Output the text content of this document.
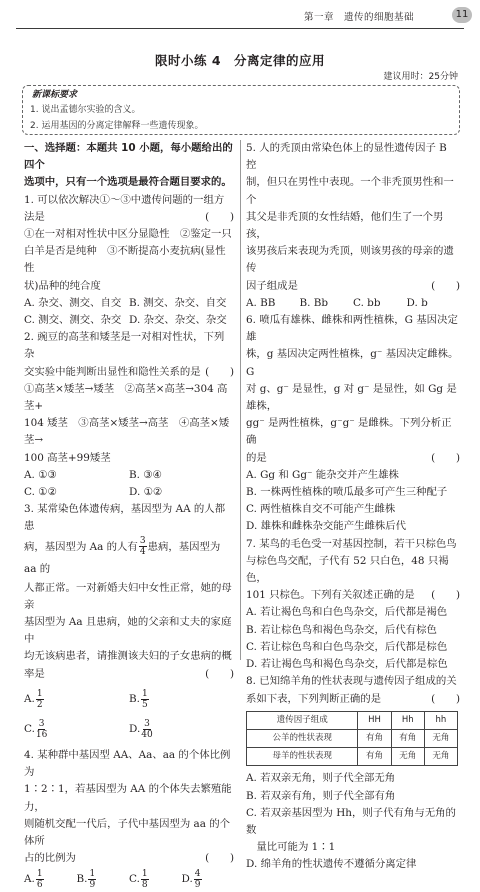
第一章　遗传的细胞基础	11
限时小练 4　分离定律的应用
建议用时：25分钟
新课标要求
1. 说出孟德尔实验的含义。
2. 运用基因的分离定律解释一些遗传现象。

一、选择题：本题共 10 小题，每小题给出的四个

选项中，只有一个选项是最符合题目要求的。

1. 可以依次解决①～③中遗传问题的一组方

法是	(　　)

①在一对相对性状中区分显隐性　②鉴定一只

白羊是否是纯种　③不断提高小麦抗病(显性性

状)品种的纯合度

A. 杂交、测交、自交 B. 测交、杂交、自交
C. 测交、测交、杂交 D. 杂交、杂交、杂交

2. 豌豆的高茎和矮茎是一对相对性状，下列杂

交实验中能判断出显性和隐性关系的是 (　　)

①高茎×矮茎→矮茎　②高茎×高茎→304 高茎+

104 矮茎　③高茎×矮茎→高茎　④高茎×矮茎→

100 高茎+99矮茎

A. ①③	B. ③④
C. ①②	D. ①②

3. 某常染色体遗传病，基因型为 AA 的人都患

病，基因型为 Aa 的人有 $\frac{3}{4}$ 患病，基因型为 aa 的

人都正常。一对新婚夫妇中女性正常，她的母亲

基因型为 Aa 且患病，她的父亲和丈夫的家庭中

均无该病患者，请推测该夫妇的子女患病的概

率是	(　　)

A. $\frac{1}{2}$	B. $\frac{1}{5}$
C. $\frac{3}{16}$	D. $\frac{3}{40}$

4. 某种群中基因型 AA、Aa、aa 的个体比例为

1∶2∶1，若基因型为 AA 的个体失去繁殖能力，

则随机交配一代后，子代中基因型为 aa 的个体所

占的比例为	(　　)

A. $\frac{1}{6}$	B. $\frac{1}{9}$	C. $\frac{1}{8}$	D. $\frac{4}{9}$

5. 人的秃顶由常染色体上的显性遗传因子 B 控

制，但只在男性中表现。一个非秃顶男性和一个

其父是非秃顶的女性结婚，他们生了一个男孩，

该男孩后来表现为秃顶，则该男孩的母亲的遗传

因子组成是	(　　)

A. BB	B. Bb	C. bb	D. b

6. 喷瓜有雄株、雌株和两性植株，G 基因决定雄

株，g 基因决定两性植株，g⁻ 基因决定雌株。G

对 g、g⁻ 是显性，g 对 g⁻ 是显性，如 Gg 是雄株，

gg⁻ 是两性植株，g⁻g⁻ 是雌株。下列分析正确

的是	(　　)

A. Gg 和 Gg⁻ 能杂交并产生雄株

B. 一株两性植株的喷瓜最多可产生三种配子

C. 两性植株自交不可能产生雌株

D. 雄株和雌株杂交能产生雌株后代

7. 某鸟的毛色受一对基因控制，若干只棕色鸟

与棕色鸟交配，子代有 52 只白色，48 只褐色，

101 只棕色。下列有关叙述正确的是 (　　)

A. 若让褐色鸟和白色鸟杂交，后代都是褐色

B. 若让棕色鸟和褐色鸟杂交，后代有棕色

C. 若让棕色鸟和白色鸟杂交，后代都是棕色

D. 若让褐色鸟和褐色鸟杂交，后代都是棕色

8. 已知绵羊角的性状表现与遗传因子组成的关

系如下表，下列判断正确的是	(　　)

遗传因子组成	HH	Hh	hh
公羊的性状表现	有角	有角	无角
母羊的性状表现	有角	无角	无角

A. 若双亲无角，则子代全部无角

B. 若双亲有角，则子代全部有角

C. 若双亲基因型为 Hh，则子代有角与无角的数

　量比可能为 1∶1

D. 绵羊角的性状遗传不遵循分离定律
